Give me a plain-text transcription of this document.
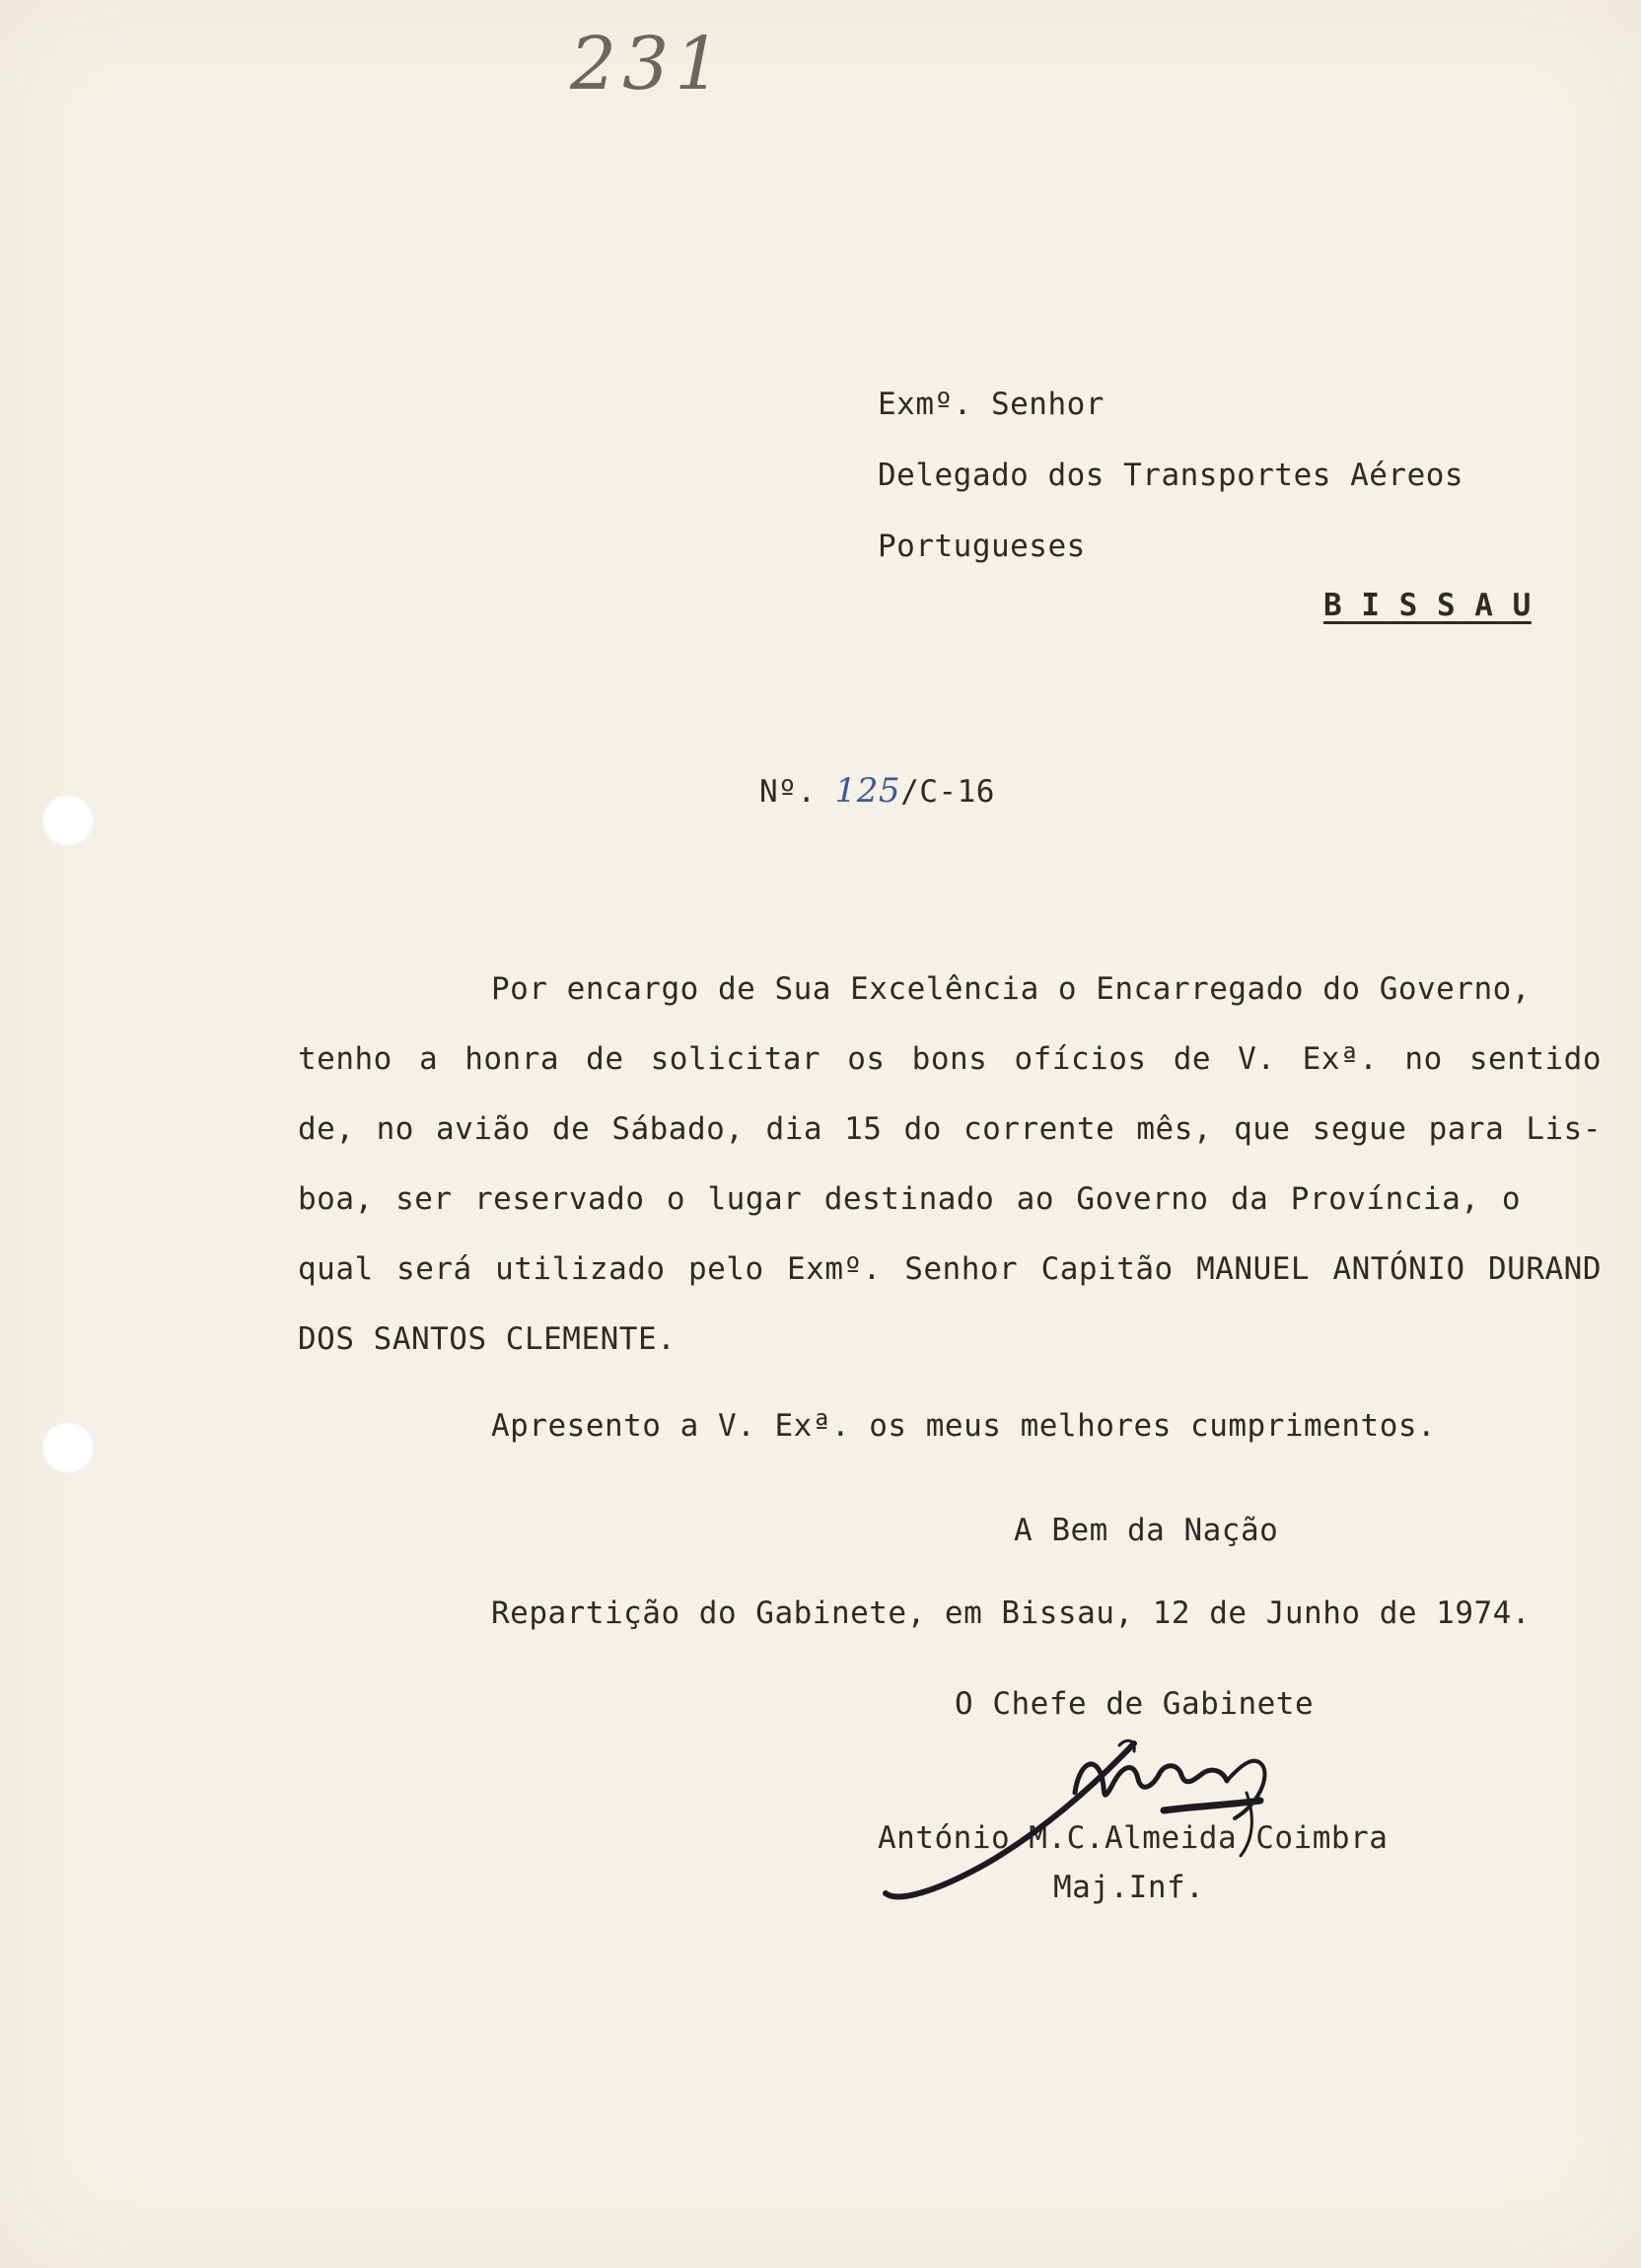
231
Exmº. Senhor
Delegado dos Transportes Aéreos
Portugueses
B I S S A U
Nº. 125/C-16
Por encargo de Sua Excelência o Encarregado do Governo,
tenho a honra de solicitar os bons ofícios de V. Exª. no sentido
de, no avião de Sábado, dia 15 do corrente mês, que segue para Lis-
boa, ser reservado o lugar destinado ao Governo da Província, o
qual será utilizado pelo Exmº. Senhor Capitão MANUEL ANTÓNIO DURAND
DOS SANTOS CLEMENTE.
Apresento a V. Exª. os meus melhores cumprimentos.
A Bem da Nação
Repartição do Gabinete, em Bissau, 12 de Junho de 1974.
O Chefe de Gabinete
António M.C.Almeida Coimbra
Maj.Inf.
